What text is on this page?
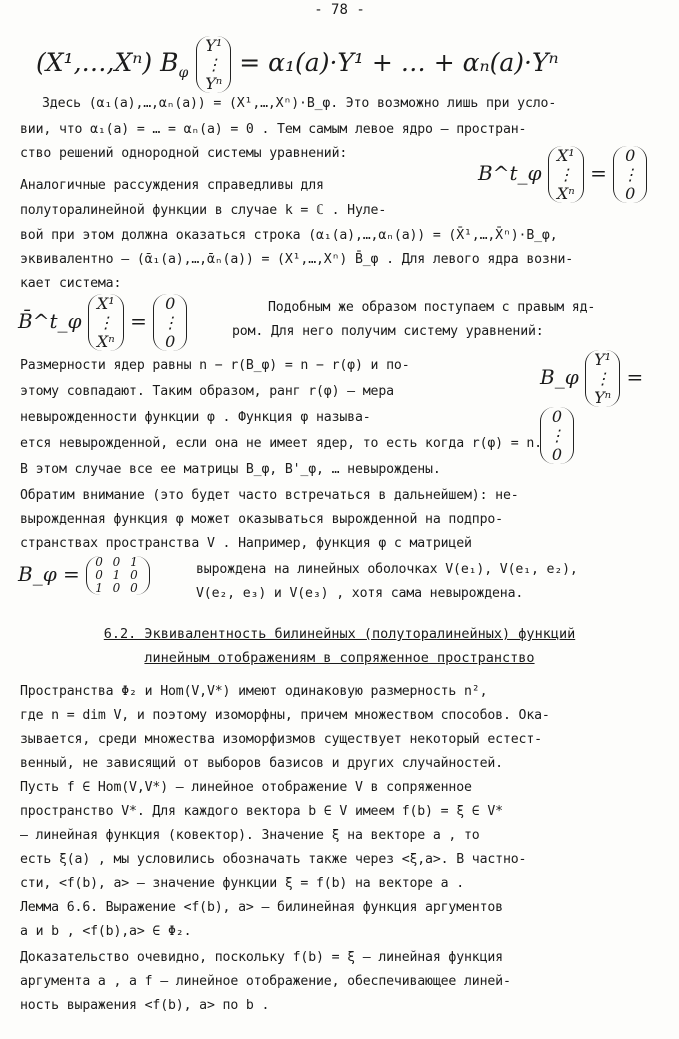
- 78 -
(X¹,…,Xⁿ) $B_\varphi$
Y¹
⋮
Yⁿ
= α₁(a)·Y¹ + … + αₙ(a)·Yⁿ
Здесь (α₁(a),…,αₙ(a)) = (X¹,…,Xⁿ)·B_φ. Это возможно лишь при усло-
вии, что α₁(a) = … = αₙ(a) = 0 . Тем самым левое ядро – простран-
ство решений однородной системы уравнений:
B^t_φ
X¹
⋮
Xⁿ
=
0
⋮
0
Аналогичные рассуждения справедливы для
полуторалинейной функции в случае k = ℂ . Нуле-
вой при этом должна оказаться строка (α₁(a),…,αₙ(a)) = (X̄¹,…,X̄ⁿ)·B_φ,
эквивалентно – (ᾱ₁(a),…,ᾱₙ(a)) = (X¹,…,Xⁿ) B̄_φ . Для левого ядра возни-
кает система:
B̄^t_φ
X¹
⋮
Xⁿ
=
0
⋮
0
Подобным же образом поступаем с правым яд-
ром. Для него получим систему уравнений:
Размерности ядер равны n − r(B_φ) = n − r(φ) и по-
этому совпадают. Таким образом, ранг r(φ) – мера
невырожденности функции φ . Функция φ называ-
B_φ
Y¹
⋮
Yⁿ
=
0
⋮
0
ется невырожденной, если она не имеет ядер, то есть когда r(φ) = n.
В этом случае все ее матрицы B_φ, B'_φ, … невырождены.
Обратим внимание (это будет часто встречаться в дальнейшем): не-
вырожденная функция φ может оказываться вырожденной на подпро-
странствах пространства V . Например, функция φ с матрицей
B_φ = 0 0 1
0 1 0
1 0 0
вырождена на линейных оболочках V(e₁), V(e₁, e₂),
V(e₂, e₃) и V(e₃) , хотя сама невырождена.
6.2. Эквивалентность билинейных (полуторалинейных) функций
линейным отображениям в сопряженное пространство
Пространства Φ₂ и Hom(V,V*) имеют одинаковую размерность n²,
где n = dim V, и поэтому изоморфны, причем множеством способов. Ока-
зывается, среди множества изоморфизмов существует некоторый естест-
венный, не зависящий от выборов базисов и других случайностей.
Пусть f ∈ Hom(V,V*) – линейное отображение V в сопряженное
пространство V*. Для каждого вектора b ∈ V имеем f(b) = ξ ∈ V*
– линейная функция (ковектор). Значение ξ на векторе a , то
есть ξ(a) , мы условились обозначать также через <ξ,a>. В частно-
сти, <f(b), a> – значение функции ξ = f(b) на векторе a .
Лемма 6.6. Выражение <f(b), a> – билинейная функция аргументов
a и b , <f(b),a> ∈ Φ₂.
Доказательство очевидно, поскольку f(b) = ξ – линейная функция
аргумента a , а f – линейное отображение, обеспечивающее линей-
ность выражения <f(b), a> по b .
